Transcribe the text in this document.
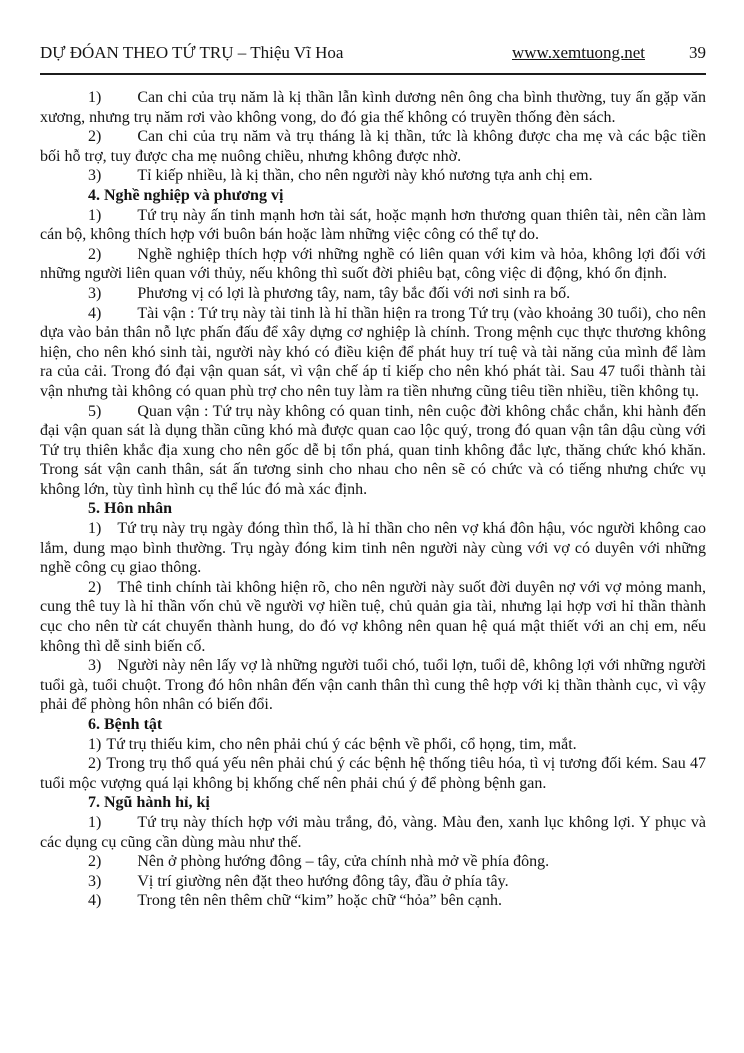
DỰ ĐÓAN THEO TỨ TRỤ – Thiệu Vĩ Hoa	www.xemtuong.net	39

1) Can chi của trụ năm là kị thần lẫn kình dương nên ông cha bình thường, tuy ấn gặp văn xương, nhưng trụ năm rơi vào không vong, do đó gia thế không có truyền thống đèn sách.

2) Can chi của trụ năm và trụ tháng là kị thần, tức là không được cha mẹ và các bậc tiền bối hỗ trợ, tuy được cha mẹ nuông chiều, nhưng không được nhờ.

3) Tỉ kiếp nhiều, là kị thần, cho nên người này khó nương tựa anh chị em.

4. Nghề nghiệp và phương vị

1) Tứ trụ này ấn tinh mạnh hơn tài sát, hoặc mạnh hơn thương quan thiên tài, nên cần làm cán bộ, không thích hợp với buôn bán hoặc làm những việc công có thể tự do.

2) Nghề nghiệp thích hợp với những nghề có liên quan với kim và hỏa, không lợi đối với những người liên quan với thủy, nếu không thì suốt đời phiêu bạt, công việc di động, khó ổn định.

3) Phương vị có lợi là phương tây, nam, tây bắc đối với nơi sinh ra bố.

4) Tài vận : Tứ trụ này tài tinh là hỉ thần hiện ra trong Tứ trụ (vào khoảng 30 tuổi), cho nên dựa vào bản thân nỗ lực phấn đấu để xây dựng cơ nghiệp là chính. Trong mệnh cục thực thương không hiện, cho nên khó sinh tài, người này khó có điều kiện để phát huy trí tuệ và tài năng của mình để làm ra của cải. Trong đó đại vận quan sát, vì vận chế áp tỉ kiếp cho nên khó phát tài. Sau 47 tuổi thành tài vận nhưng tài không có quan phù trợ cho nên tuy làm ra tiền nhưng cũng tiêu tiền nhiều, tiền không tụ.

5) Quan vận : Tứ trụ này không có quan tinh, nên cuộc đời không chắc chắn, khi hành đến đại vận quan sát là dụng thần cũng khó mà được quan cao lộc quý, trong đó quan vận tân dậu cùng với Tứ trụ thiên khắc địa xung cho nên gốc dễ bị tổn phá, quan tinh không đắc lực, thăng chức khó khăn. Trong sát vận canh thân, sát ấn tương sinh cho nhau cho nên sẽ có chức và có tiếng nhưng chức vụ không lớn, tùy tình hình cụ thể lúc đó mà xác định.

5. Hôn nhân

1) Tứ trụ này trụ ngày đóng thìn thổ, là hỉ thần cho nên vợ khá đôn hậu, vóc người không cao lắm, dung mạo bình thường. Trụ ngày đóng kim tinh nên người này cùng với vợ có duyên với những nghề công cụ giao thông.

2) Thê tinh chính tài không hiện rõ, cho nên người này suốt đời duyên nợ với vợ mỏng manh, cung thê tuy là hỉ thần vốn chủ về người vợ hiền tuệ, chủ quản gia tài, nhưng lại hợp vơi hỉ thần thành cục cho nên từ cát chuyển thành hung, do đó vợ không nên quan hệ quá mật thiết với an chị em, nếu không thì dễ sinh biến cố.

3) Người này nên lấy vợ là những người tuổi chó, tuổi lợn, tuổi dê, không lợi với những người tuổi gà, tuổi chuột. Trong đó hôn nhân đến vận canh thân thì cung thê hợp với kị thần thành cục, vì vậy phải để phòng hôn nhân có biến đổi.

6. Bệnh tật

1) Tứ trụ thiếu kim, cho nên phải chú ý các bệnh về phổi, cổ họng, tim, mắt.

2) Trong trụ thổ quá yếu nên phải chú ý các bệnh hệ thống tiêu hóa, tì vị tương đối kém. Sau 47 tuổi mộc vượng quá lại không bị khống chế nên phải chú ý để phòng bệnh gan.

7. Ngũ hành hỉ, kị

1) Tứ trụ này thích hợp với màu trắng, đỏ, vàng. Màu đen, xanh lục không lợi. Y phục và các dụng cụ cũng cần dùng màu như thế.

2) Nên ở phòng hướng đông – tây, cửa chính nhà mở về phía đông.

3) Vị trí giường nên đặt theo hướng đông tây, đầu ở phía tây.

4) Trong tên nên thêm chữ “kim” hoặc chữ “hỏa” bên cạnh.
